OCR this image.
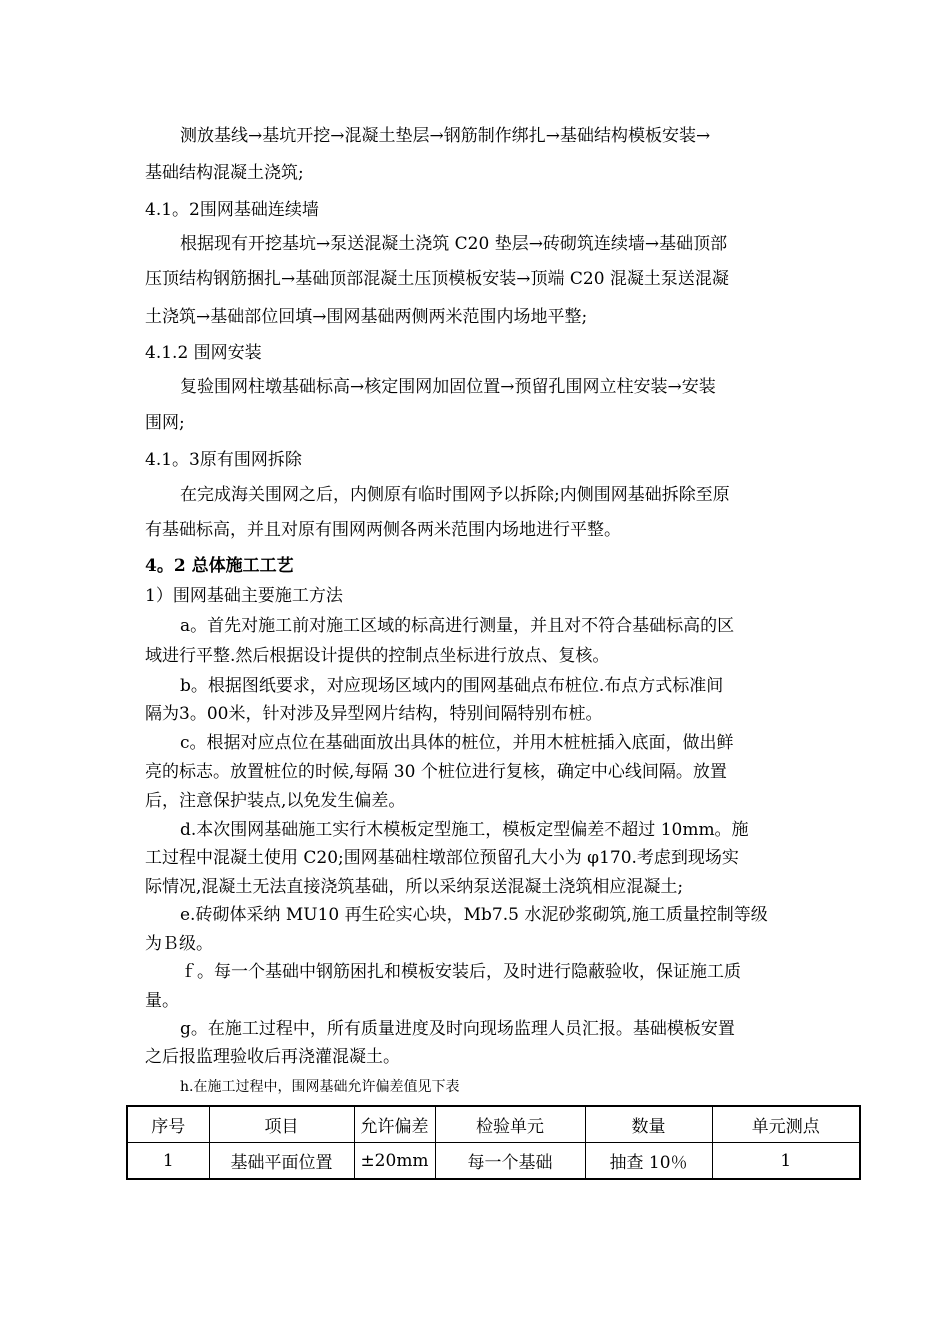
测放基线→基坑开挖→混凝土垫层→钢筋制作绑扎→基础结构模板安装→
基础结构混凝土浇筑;
4.1。2围网基础连续墙
根据现有开挖基坑→泵送混凝土浇筑 C20 垫层→砖砌筑连续墙→基础顶部
压顶结构钢筋捆扎→基础顶部混凝土压顶模板安装→顶端 C20 混凝土泵送混凝
土浇筑→基础部位回填→围网基础两侧两米范围内场地平整;
4.1.2 围网安装
复验围网柱墩基础标高→核定围网加固位置→预留孔围网立柱安装→安装
围网;
4.1。3原有围网拆除
在完成海关围网之后，内侧原有临时围网予以拆除;内侧围网基础拆除至原
有基础标高，并且对原有围网两侧各两米范围内场地进行平整。
4。2 总体施工工艺
1）围网基础主要施工方法
a。首先对施工前对施工区域的标高进行测量，并且对不符合基础标高的区
域进行平整.然后根据设计提供的控制点坐标进行放点、复核。
b。根据图纸要求，对应现场区域内的围网基础点布桩位.布点方式标准间
隔为3。00米，针对涉及异型网片结构，特别间隔特别布桩。
c。根据对应点位在基础面放出具体的桩位，并用木桩桩插入底面，做出鲜
亮的标志。放置桩位的时候,每隔 30 个桩位进行复核，确定中心线间隔。放置
后，注意保护装点,以免发生偏差。
d.本次围网基础施工实行木模板定型施工，模板定型偏差不超过 10mm。施
工过程中混凝土使用 C20;围网基础柱墩部位预留孔大小为 φ170.考虑到现场实
际情况,混凝土无法直接浇筑基础，所以采纳泵送混凝土浇筑相应混凝土;
e.砖砌体采纳 MU10 再生砼实心块，Mb7.5 水泥砂浆砌筑,施工质量控制等级
为Ｂ级。
ｆ。每一个基础中钢筋困扎和模板安装后，及时进行隐蔽验收，保证施工质
量。
g。在施工过程中，所有质量进度及时向现场监理人员汇报。基础模板安置
之后报监理验收后再浇灌混凝土。
h.在施工过程中，围网基础允许偏差值见下表
序号	项目	允许偏差	检验单元	数量	单元测点
1	基础平面位置	±20mm	每一个基础	抽查 10％	1
